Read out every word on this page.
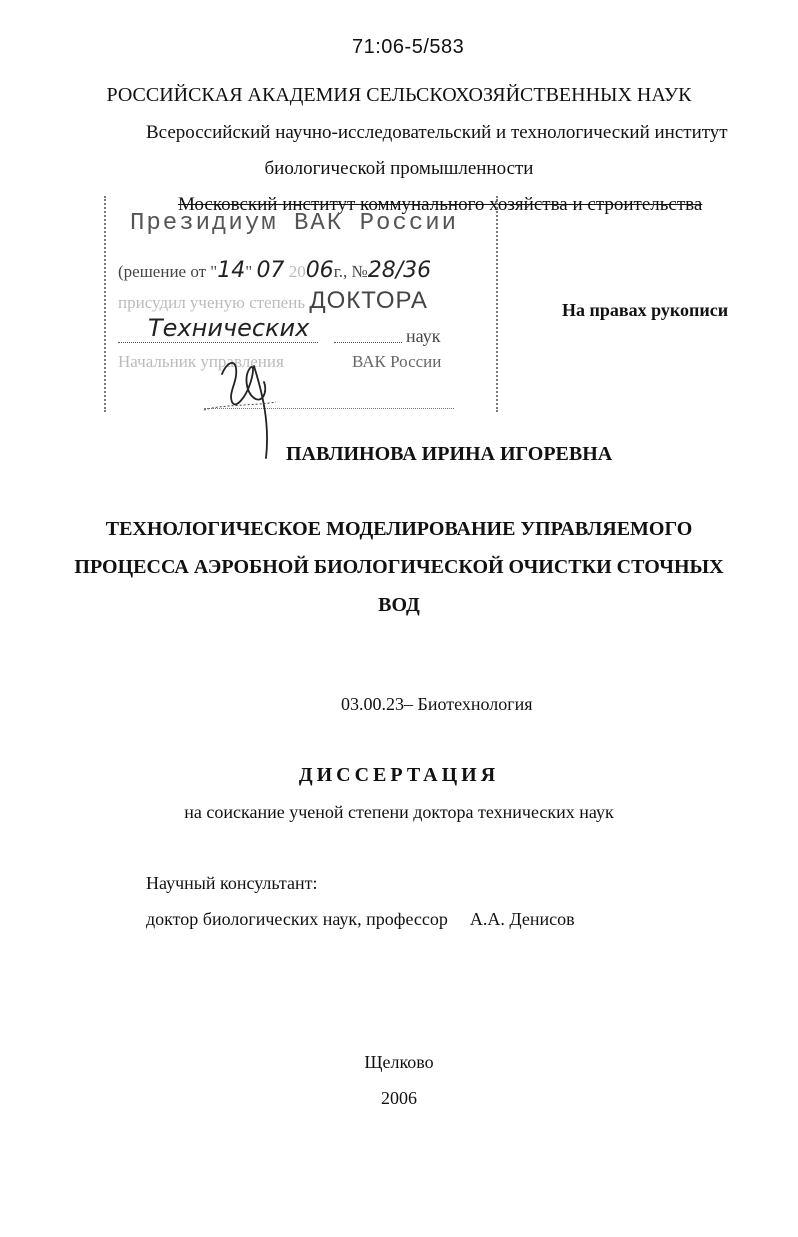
71:06-5/583
РОССИЙСКАЯ АКАДЕМИЯ СЕЛЬСКОХОЗЯЙСТВЕННЫХ НАУК
Всероссийский научно-исследовательский и технологический институт
биологической промышленности
Московский институт коммунального хозяйства и строительства
Президиум ВАК России
(решение от "14" 07 2006г., №28/36
присудил ученую степень ДОКТОРА
Технических	наук
Начальник управления	ВАК России
На правах рукописи
ПАВЛИНОВА ИРИНА ИГОРЕВНА
ТЕХНОЛОГИЧЕСКОЕ МОДЕЛИРОВАНИЕ УПРАВЛЯЕМОГО
ПРОЦЕССА АЭРОБНОЙ БИОЛОГИЧЕСКОЙ ОЧИСТКИ СТОЧНЫХ
ВОД
03.00.23– Биотехнология
ДИССЕРТАЦИЯ
на соискание ученой степени доктора технических наук
Научный консультант:
доктор биологических наук, профессор А.А. Денисов
Щелково
2006
